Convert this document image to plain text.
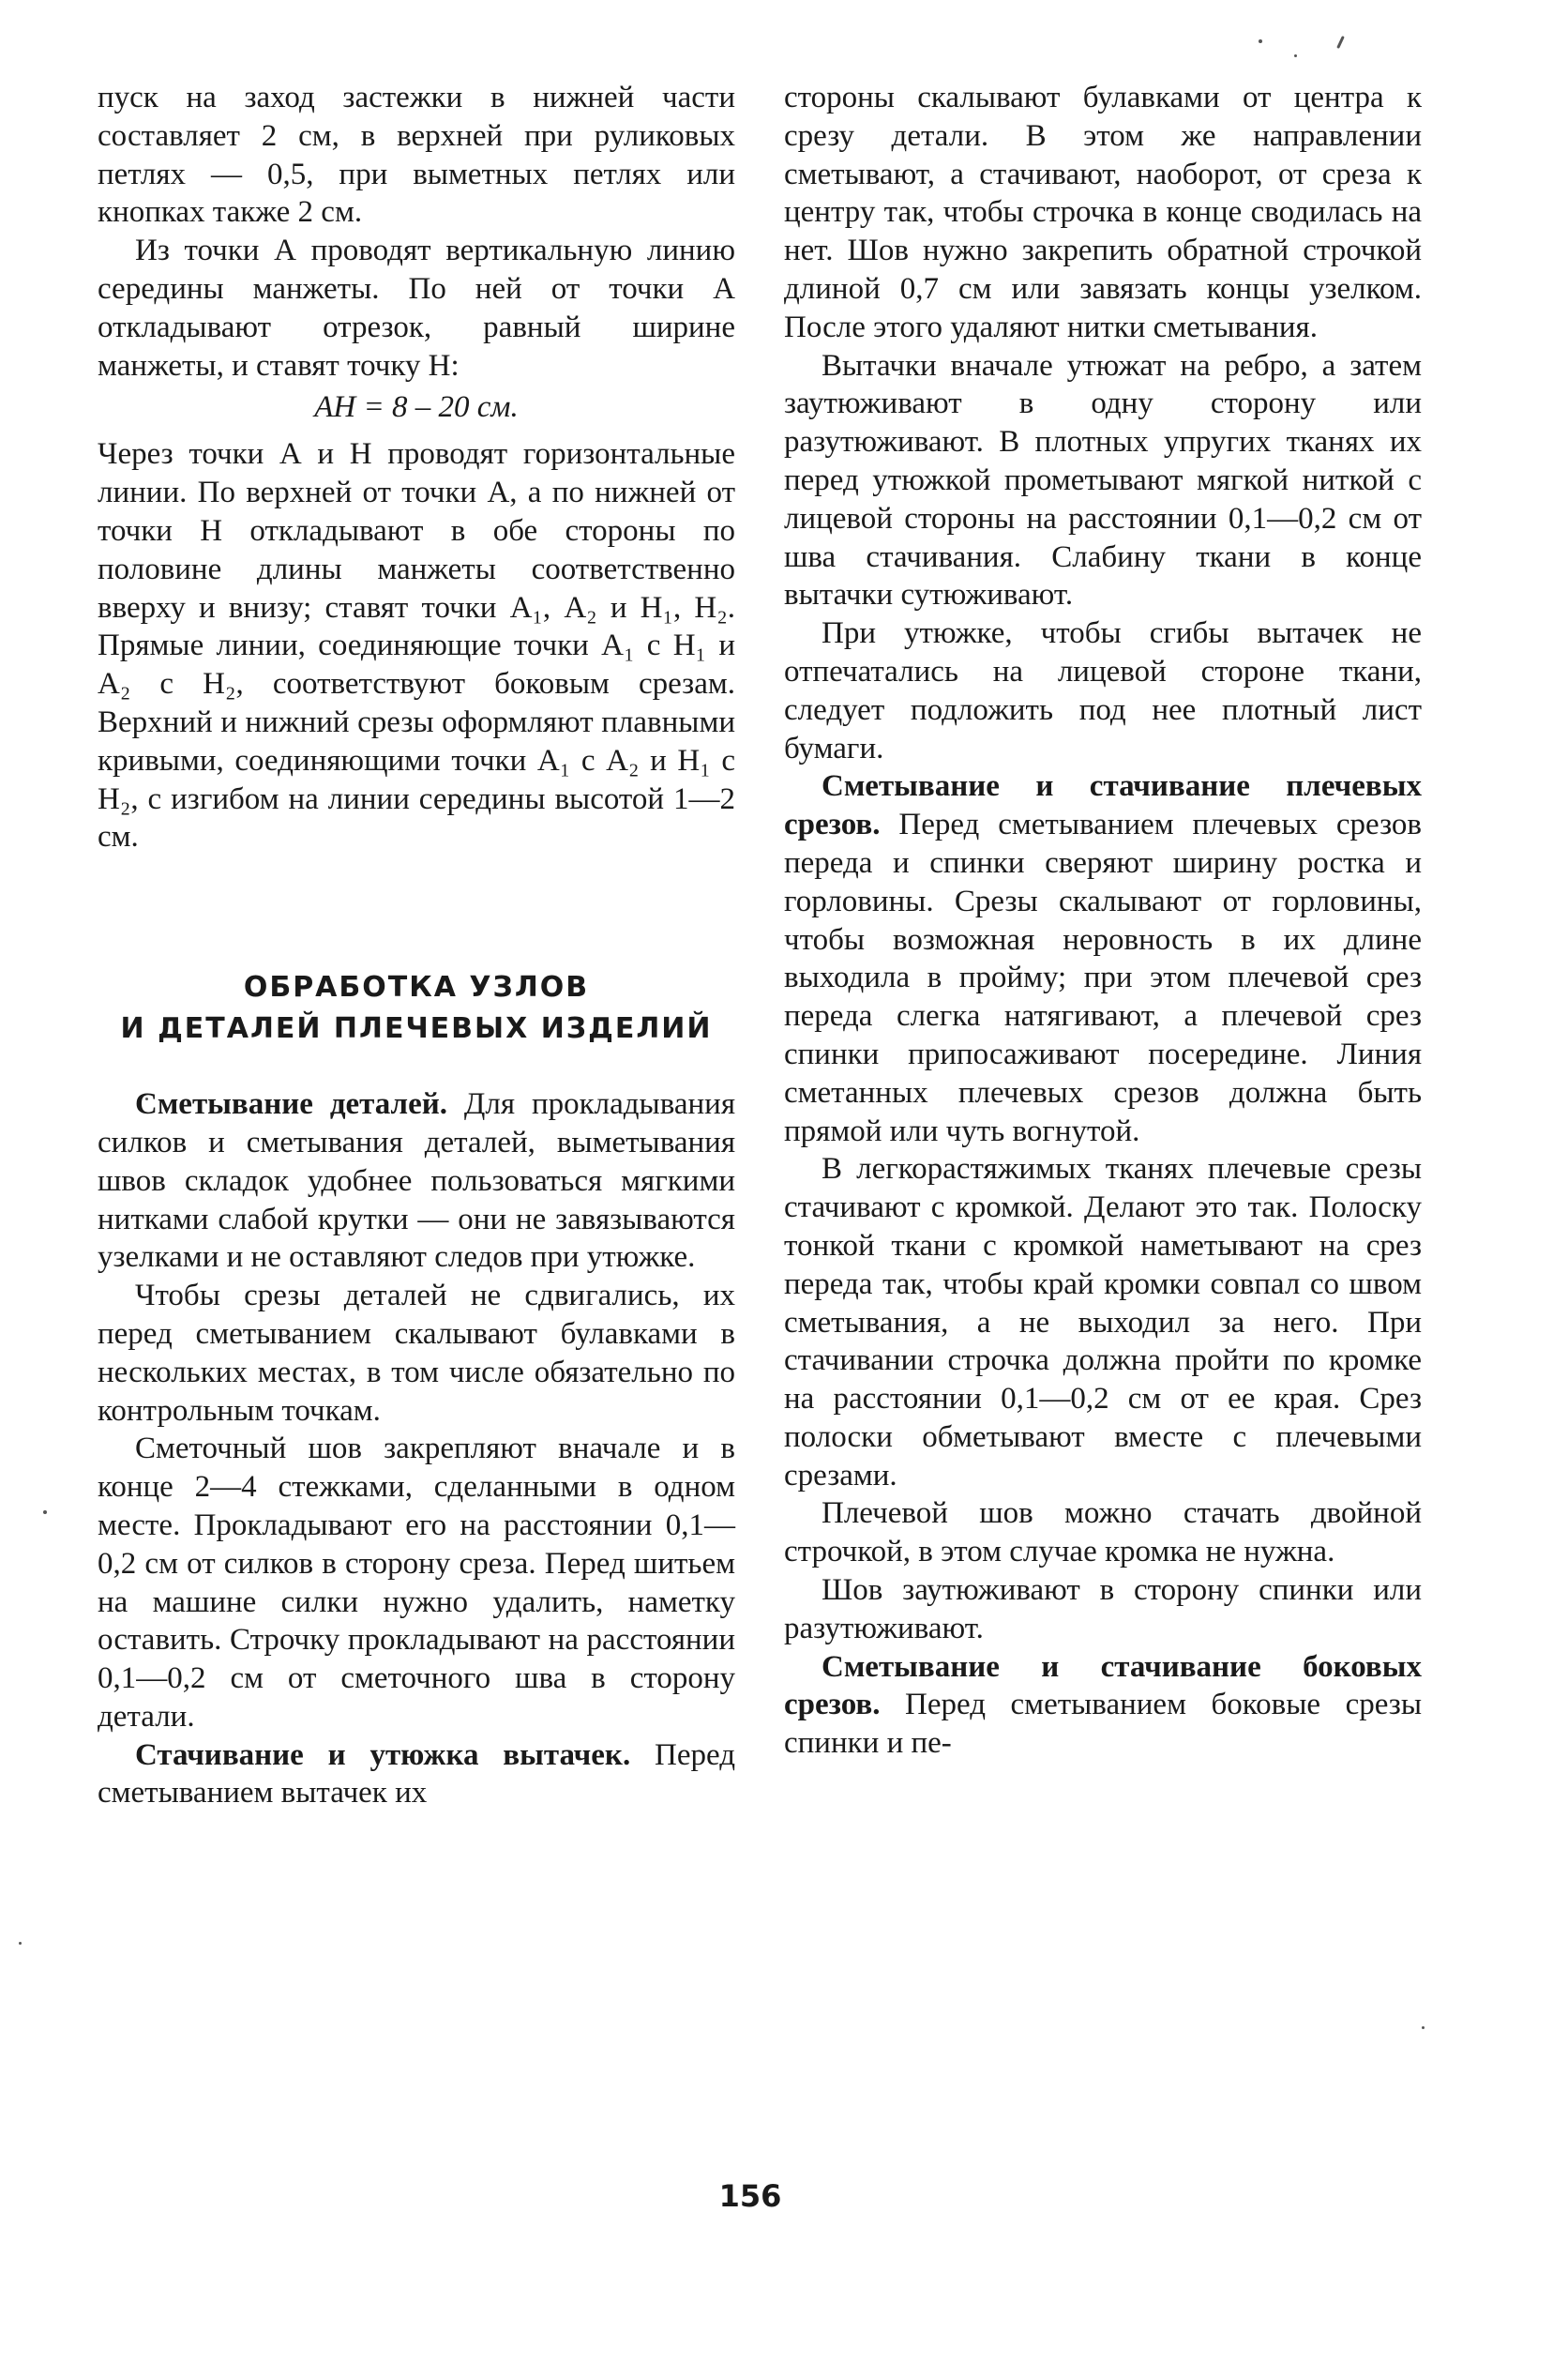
пуск на заход застежки в нижней части составляет 2 см, в верхней при руликовых петлях — 0,5, при выметных петлях или кнопках также 2 см.

Из точки А проводят вертикальную линию середины манжеты. По ней от точки А откладывают отрезок, равный ширине манжеты, и ставят точку Н:

АН = 8 – 20 см.

Через точки А и Н проводят горизонтальные линии. По верхней от точки А, а по нижней от точки Н откладывают в обе стороны по половине длины манжеты соответственно вверху и внизу; ставят точки А₁, А₂ и Н₁, Н₂. Прямые линии, соединяющие точки А₁ с Н₁ и А₂ с Н₂, соответствуют боковым срезам. Верхний и нижний срезы оформляют плавными кривыми, соединяющими точки А₁ с А₂ и Н₁ с Н₂, с изгибом на линии середины высотой 1—2 см.

ОБРАБОТКА УЗЛОВ
И ДЕТАЛЕЙ ПЛЕЧЕВЫХ ИЗДЕЛИЙ

Сметывание деталей. Для прокладывания силков и сметывания деталей, выметывания швов складок удобнее пользоваться мягкими нитками слабой крутки — они не завязываются узелками и не оставляют следов при утюжке.

Чтобы срезы деталей не сдвигались, их перед сметыванием скалывают булавками в нескольких местах, в том числе обязательно по контрольным точкам.

Сметочный шов закрепляют вначале и в конце 2—4 стежками, сделанными в одном месте. Прокладывают его на расстоянии 0,1—0,2 см от силков в сторону среза. Перед шитьем на машине силки нужно удалить, наметку оставить. Строчку прокладывают на расстоянии 0,1—0,2 см от сметочного шва в сторону детали.

Стачивание и утюжка вытачек. Перед сметыванием вытачек их

стороны скалывают булавками от центра к срезу детали. В этом же направлении сметывают, а стачивают, наоборот, от среза к центру так, чтобы строчка в конце сводилась на нет. Шов нужно закрепить обратной строчкой длиной 0,7 см или завязать концы узелком. После этого удаляют нитки сметывания.

Вытачки вначале утюжат на ребро, а затем заутюживают в одну сторону или разутюживают. В плотных упругих тканях их перед утюжкой прометывают мягкой ниткой с лицевой стороны на расстоянии 0,1—0,2 см от шва стачивания. Слабину ткани в конце вытачки сутюживают.

При утюжке, чтобы сгибы вытачек не отпечатались на лицевой стороне ткани, следует подложить под нее плотный лист бумаги.

Сметывание и стачивание плечевых срезов. Перед сметыванием плечевых срезов переда и спинки сверяют ширину ростка и горловины. Срезы скалывают от горловины, чтобы возможная неровность в их длине выходила в пройму; при этом плечевой срез переда слегка натягивают, а плечевой срез спинки припосаживают посередине. Линия сметанных плечевых срезов должна быть прямой или чуть вогнутой.

В легкорастяжимых тканях плечевые срезы стачивают с кромкой. Делают это так. Полоску тонкой ткани с кромкой наметывают на срез переда так, чтобы край кромки совпал со швом сметывания, а не выходил за него. При стачивании строчка должна пройти по кромке на расстоянии 0,1—0,2 см от ее края. Срез полоски обметывают вместе с плечевыми срезами.

Плечевой шов можно стачать двойной строчкой, в этом случае кромка не нужна.

Шов заутюживают в сторону спинки или разутюживают.

Сметывание и стачивание боковых срезов. Перед сметыванием боковые срезы спинки и пе-

156
